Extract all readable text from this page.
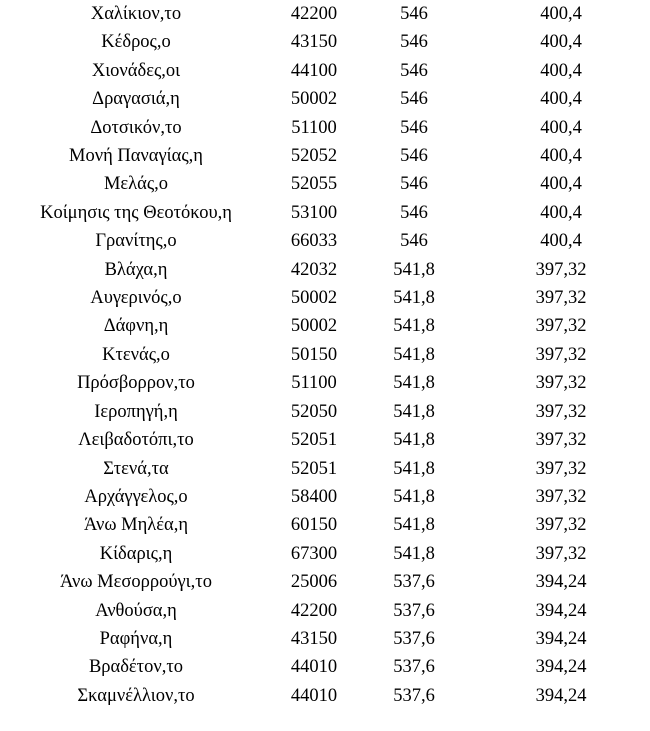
Χαλίκιον,το	42200	546	400,4
Κέδρος,ο	43150	546	400,4
Χιονάδες,οι	44100	546	400,4
Δραγασιά,η	50002	546	400,4
Δοτσικόν,το	51100	546	400,4
Μονή Παναγίας,η	52052	546	400,4
Μελάς,ο	52055	546	400,4
Κοίμησις της Θεοτόκου,η	53100	546	400,4
Γρανίτης,ο	66033	546	400,4
Βλάχα,η	42032	541,8	397,32
Αυγερινός,ο	50002	541,8	397,32
Δάφνη,η	50002	541,8	397,32
Κτενάς,ο	50150	541,8	397,32
Πρόσβορρον,το	51100	541,8	397,32
Ιεροπηγή,η	52050	541,8	397,32
Λειβαδοτόπι,το	52051	541,8	397,32
Στενά,τα	52051	541,8	397,32
Αρχάγγελος,ο	58400	541,8	397,32
Άνω Μηλέα,η	60150	541,8	397,32
Κίδαρις,η	67300	541,8	397,32
Άνω Μεσορρούγι,το	25006	537,6	394,24
Ανθούσα,η	42200	537,6	394,24
Ραφήνα,η	43150	537,6	394,24
Βραδέτον,το	44010	537,6	394,24
Σκαμνέλλιον,το	44010	537,6	394,24
